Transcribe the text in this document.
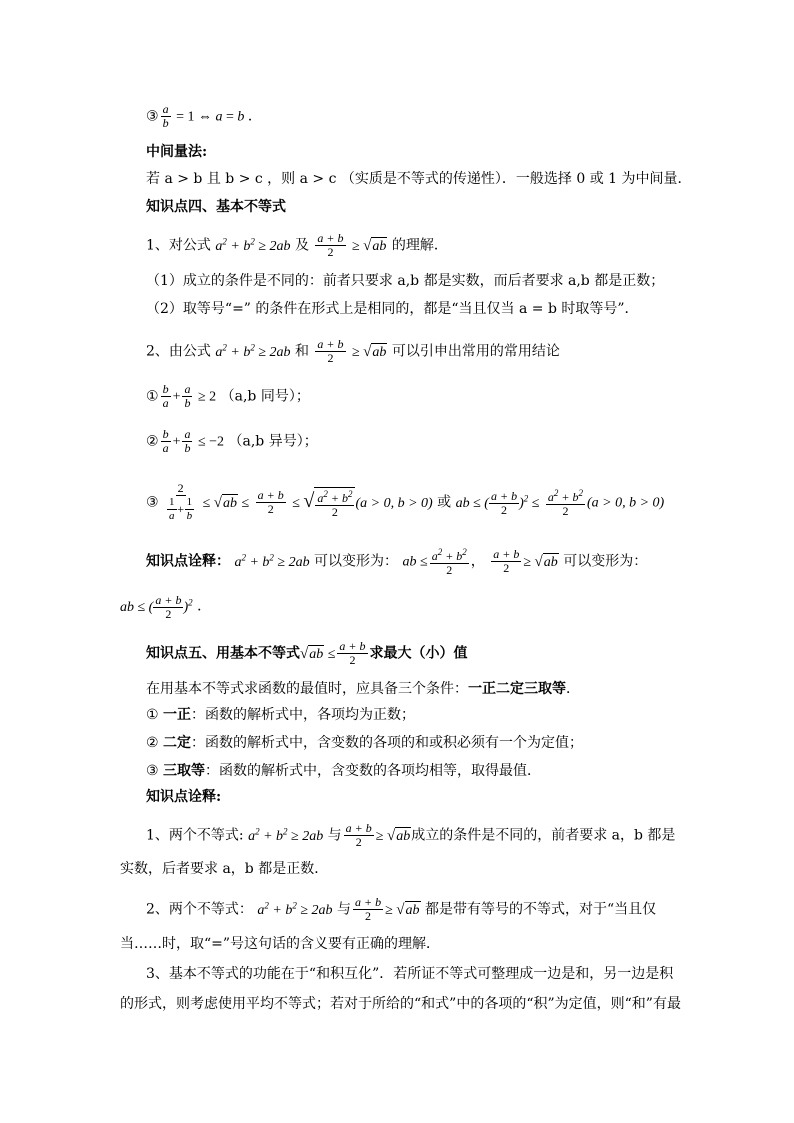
③ $\frac{a}{b} = 1$ ⇔ a = b ．
中间量法:
若 a > b 且 b > c ，则 a > c （实质是不等式的传递性）．一般选择 0 或 1 为中间量．
知识点四、基本不等式
1、对公式 $a^2 + b^2 \ge 2ab$ 及 $\frac{a + b}{2} \ge √ab$ 的理解．
（1）成立的条件是不同的：前者只要求 a,b 都是实数，而后者要求 a,b 都是正数；
（2）取等号“=” 的条件在形式上是相同的，都是“当且仅当 a = b 时取等号”．
2、由公式 $a^2 + b^2 \ge 2ab$ 和 $\frac{a + b}{2} \ge √ab$ 可以引申出常用的常用结论
① $\frac{b}{a} + \frac{a}{b} \ge 2$ （a,b 同号）；
② $\frac{b}{a} + \frac{a}{b} \le -2$ （a,b 异号）；
③ $\frac{2}{\frac{1}{a} + \frac{1}{b}} \le √ab \le \frac{a + b}{2}$ ≤ √ $\frac{a^2 + b^2}{2} (a > 0$, b > 0) 或 ab ≤ ( $\frac{a + b}{2} )^2 \le \frac{a^2 + b^2}{2} (a > 0$, b > 0)
知识点诠释： $a^2 + b^2 \ge 2ab$ 可以变形为： ab ≤ $\frac{a^2 + b^2}{2}$ ， $\frac{a + b}{2} \ge √ab$ 可以变形为：
ab ≤ ( $\frac{a + b}{2} )^2$ ．
知识点五、用基本不等式$√ab \le \frac{a + b}{2}$ 求最大（小）值
在用基本不等式求函数的最值时，应具备三个条件：一正二定三取等．
① 一正：函数的解析式中，各项均为正数；
② 二定：函数的解析式中，含变数的各项的和或积必须有一个为定值；
③ 三取等：函数的解析式中，含变数的各项均相等，取得最值．
知识点诠释:
1、两个不等式: $a^2 + b^2 \ge 2ab$ 与 $\frac{a + b}{2} \ge √ab$成立的条件是不同的，前者要求 a，b 都是
实数，后者要求 a，b 都是正数．
2、两个不等式： $a^2 + b^2 \ge 2ab$ 与 $\frac{a + b}{2} \ge √ab$ 都是带有等号的不等式，对于“当且仅
当……时，取“=”号这句话的含义要有正确的理解．
3、基本不等式的功能在于“和积互化”．若所证不等式可整理成一边是和，另一边是积
的形式，则考虑使用平均不等式；若对于所给的“和式”中的各项的“积”为定值，则“和”有最
